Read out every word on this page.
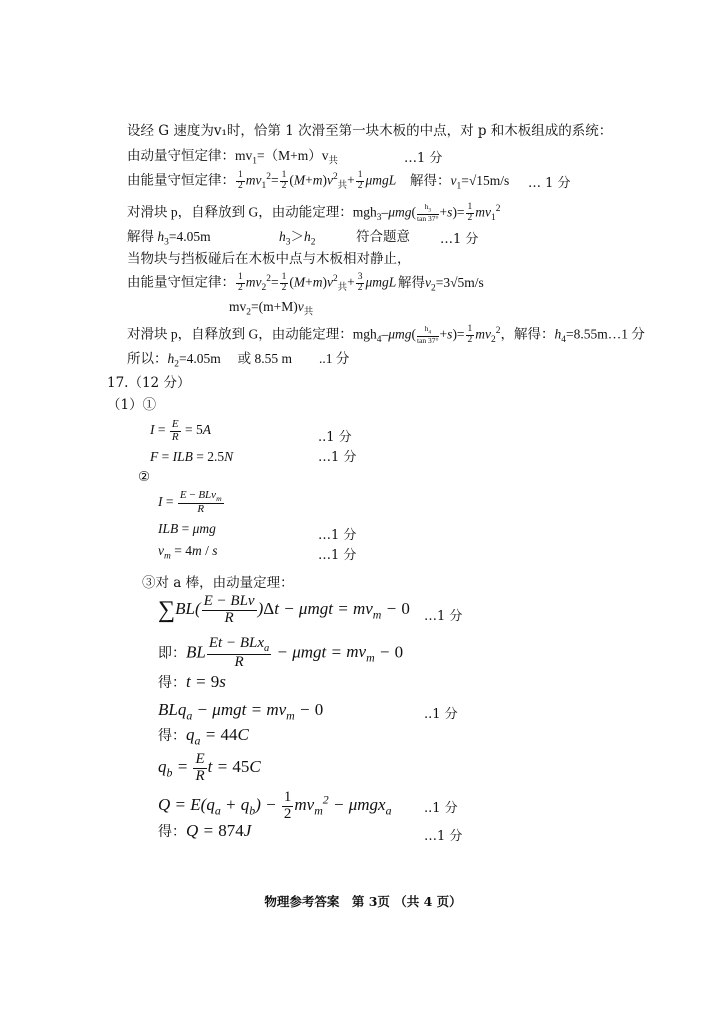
设经 G 速度为v₁时，恰第 1 次滑至第一块木板的中点，对 p 和木板组成的系统：
由动量守恒定律：$mv_1=(M+m)v_共$	…1 分
由能量守恒定律： $\frac{1}{2} mv_1^2= \frac{1}{2} (M+m)v^2_共+ \frac{1}{2}$ μmgL 解得：$v_1=√15m/s$ … 1 分
对滑块 p，自释放到 G，由动能定理：$mgh_3-\mu mg( \frac{h_3}{\tan 37^\circ} +s)= \frac{1}{2} mv_1^2$
解得 $h_3=4.05m$	$h_3>h_2$	符合题意 …1 分
当物块与挡板碰后在木板中点与木板相对静止，
由能量守恒定律： $\frac{1}{2} mv_2^2= \frac{1}{2} (M+m)v^2_共+ \frac{3}{2}$ μmgL 解得$v_2=3√5m/s$
$mv_2=(m+M)v_共$
对滑块 p，自释放到 G，由动能定理：$mgh_4-\mu mg( \frac{h_4}{\tan 37^\circ} +s)= \frac{1}{2} mv_2^2$，解得：$h_4=8.55m\dots 1$ 分
所以：$h_2=4.05m$　 或 8.55 m　　..1 分
17.（12 分）
（1）①
$I = \frac{E}{R} = 5A$
..1 分
F = ILB = 2.5N	…1 分
②
I = E − BLv$_m$
R
ILB = μmg	…1 分
$v_m = 4m / s$	…1 分
③对 a 棒，由动量定理：
∑BL( E − BLv
R	)$\Delta t - \mu mgt = mv_m - 0$ …1 分
即：BL Et − BLx$_a$
R
− $\mu mgt = mv_m - 0$
得：t = 9s
$BLq_a - \mu mgt = mv_m - 0$	..1 分
得：$q_a = 44C$
$q_b = \frac{E}{R}$ t = 45C
$Q = E(q_a + q_b) - \frac{1}{2} mv_m^2 - \mu mgx_a$ ..1 分
得：Q = 874J	…1 分
物理参考答案　第 3页 （共 4 页）
